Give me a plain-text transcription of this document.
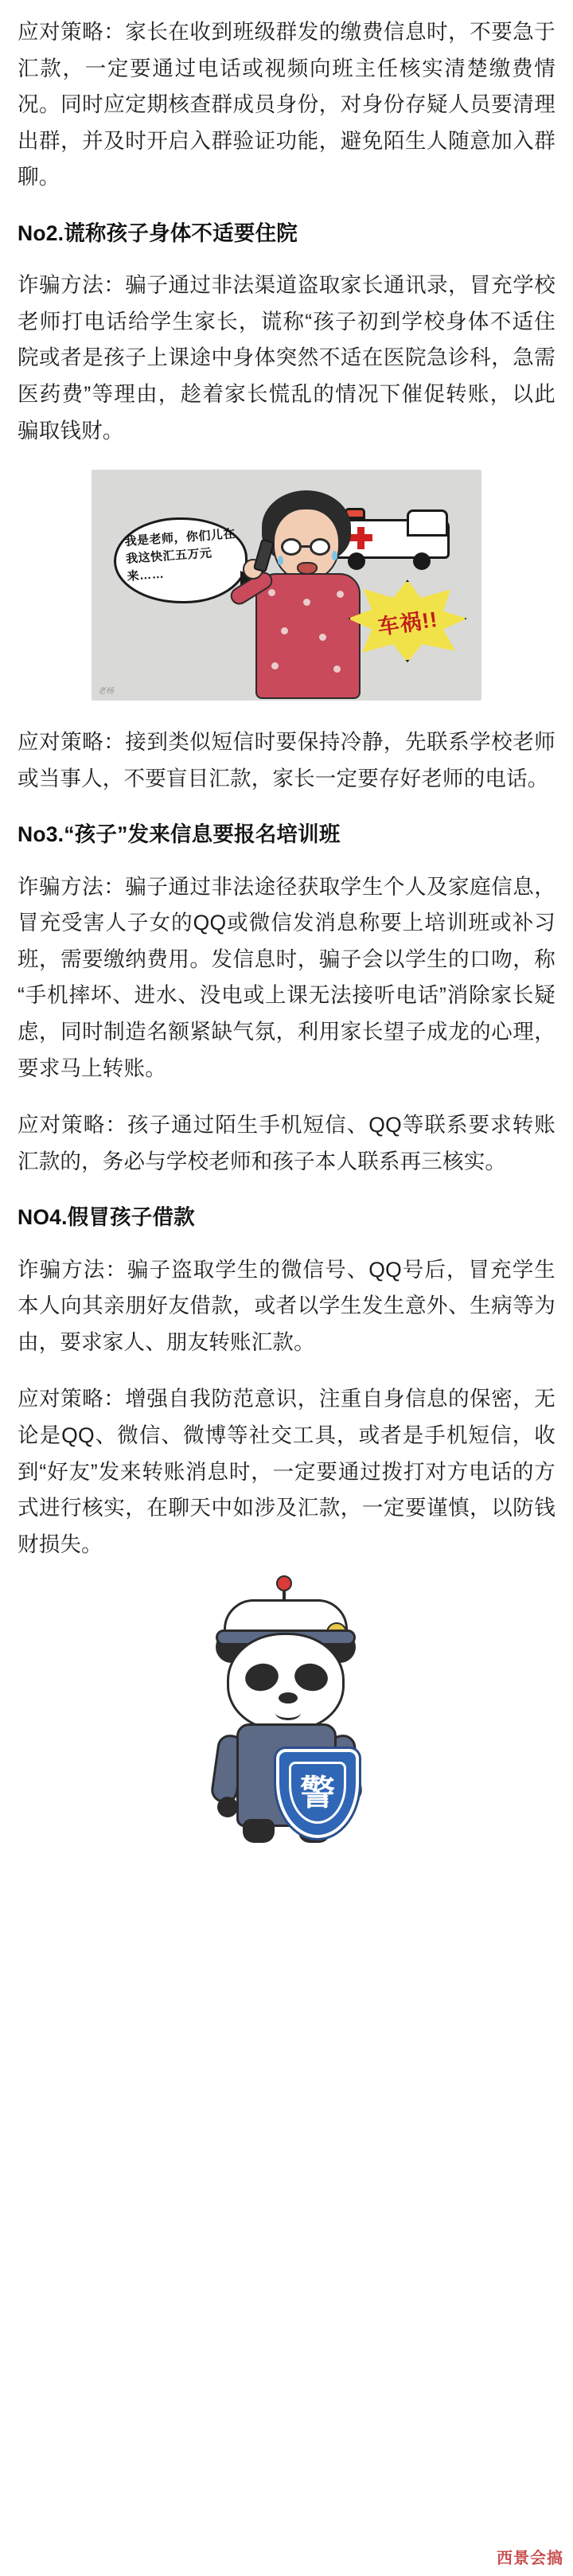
应对策略：家长在收到班级群发的缴费信息时，不要急于汇款，一定要通过电话或视频向班主任核实清楚缴费情况。同时应定期核查群成员身份，对身份存疑人员要清理出群，并及时开启入群验证功能，避免陌生人随意加入群聊。

No2.谎称孩子身体不适要住院

诈骗方法：骗子通过非法渠道盗取家长通讯录，冒充学校老师打电话给学生家长，谎称“孩子初到学校身体不适住院或者是孩子上课途中身体突然不适在医院急诊科，急需医药费”等理由，趁着家长慌乱的情况下催促转账，以此骗取钱财。

我是老师，你们儿在我这快汇五万元来……
车祸!!
老杨

应对策略：接到类似短信时要保持冷静，先联系学校老师或当事人，不要盲目汇款，家长一定要存好老师的电话。

No3.“孩子”发来信息要报名培训班

诈骗方法：骗子通过非法途径获取学生个人及家庭信息，冒充受害人子女的QQ或微信发消息称要上培训班或补习班，需要缴纳费用。发信息时，骗子会以学生的口吻，称“手机摔坏、进水、没电或上课无法接听电话”消除家长疑虑，同时制造名额紧缺气氛，利用家长望子成龙的心理，要求马上转账。

应对策略：孩子通过陌生手机短信、QQ等联系要求转账汇款的，务必与学校老师和孩子本人联系再三核实。

NO4.假冒孩子借款

诈骗方法：骗子盗取学生的微信号、QQ号后，冒充学生本人向其亲朋好友借款，或者以学生发生意外、生病等为由，要求家人、朋友转账汇款。

应对策略：增强自我防范意识，注重自身信息的保密，无论是QQ、微信、微博等社交工具，或者是手机短信，收到“好友”发来转账消息时，一定要通过拨打对方电话的方式进行核实，在聊天中如涉及汇款，一定要谨慎，以防钱财损失。

警
西景会搞
